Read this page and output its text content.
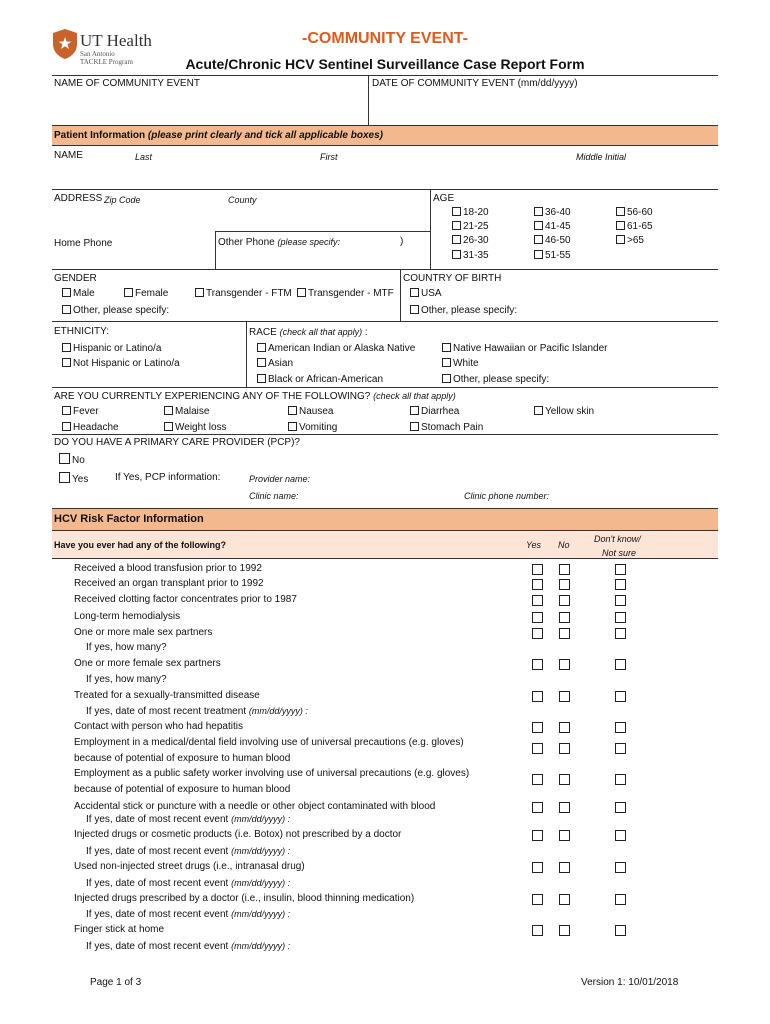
UT Health
San Antonio
TACKLE Program
-COMMUNITY EVENT-
Acute/Chronic HCV Sentinel Surveillance Case Report Form
NAME OF COMMUNITY EVENT	DATE OF COMMUNITY EVENT (mm/dd/yyyy)
Patient Information (please print clearly and tick all applicable boxes)
NAME	Last	First	Middle Initial
ADDRESS Zip Code	County	AGE
18-20
21-25
26-30
31-35
36-40
41-45
46-50
51-55
56-60
61-65
>65
Home Phone	Other Phone (please specify:	)
GENDER
Male	Female	Transgender - FTM	Transgender - MTF
Other, please specify:
COUNTRY OF BIRTH
USA
Other, please specify:
ETHNICITY:
Hispanic or Latino/a
Not Hispanic or Latino/a
RACE (check all that apply) :
American Indian or Alaska Native
Asian
Black or African-American
Native Hawaiian or Pacific Islander
White
Other, please specify:
ARE YOU CURRENTLY EXPERIENCING ANY OF THE FOLLOWING? (check all that apply)
Fever	Malaise	Nausea	Diarrhea	Yellow skin
Headache	Weight loss	Vomiting	Stomach Pain
DO YOU HAVE A PRIMARY CARE PROVIDER (PCP)?
No
Yes	If Yes, PCP information:	Provider name:
Clinic name:	Clinic phone number:
HCV Risk Factor Information
Have you ever had any of the following?	Yes No
Don't know/
Not sure
Received a blood transfusion prior to 1992
Received an organ transplant prior to 1992
Received clotting factor concentrates prior to 1987
Long-term hemodialysis
One or more male sex partners
If yes, how many?
One or more female sex partners
If yes, how many?
Treated for a sexually-transmitted disease
If yes, date of most recent treatment (mm/dd/yyyy) :
Contact with person who had hepatitis
Employment in a medical/dental field involving use of universal precautions (e.g. gloves)
because of potential of exposure to human blood
Employment as a public safety worker involving use of universal precautions (e.g. gloves)
because of potential of exposure to human blood
Accidental stick or puncture with a needle or other object contaminated with blood
If yes, date of most recent event (mm/dd/yyyy) :
Injected drugs or cosmetic products (i.e. Botox) not prescribed by a doctor
If yes, date of most recent event (mm/dd/yyyy) :
Used non-injected street drugs (i.e., intranasal drug)
If yes, date of most recent event (mm/dd/yyyy) :
Injected drugs prescribed by a doctor (i.e., insulin, blood thinning medication)
If yes, date of most recent event (mm/dd/yyyy) :
Finger stick at home
If yes, date of most recent event (mm/dd/yyyy) :
Page 1 of 3	Version 1: 10/01/2018
